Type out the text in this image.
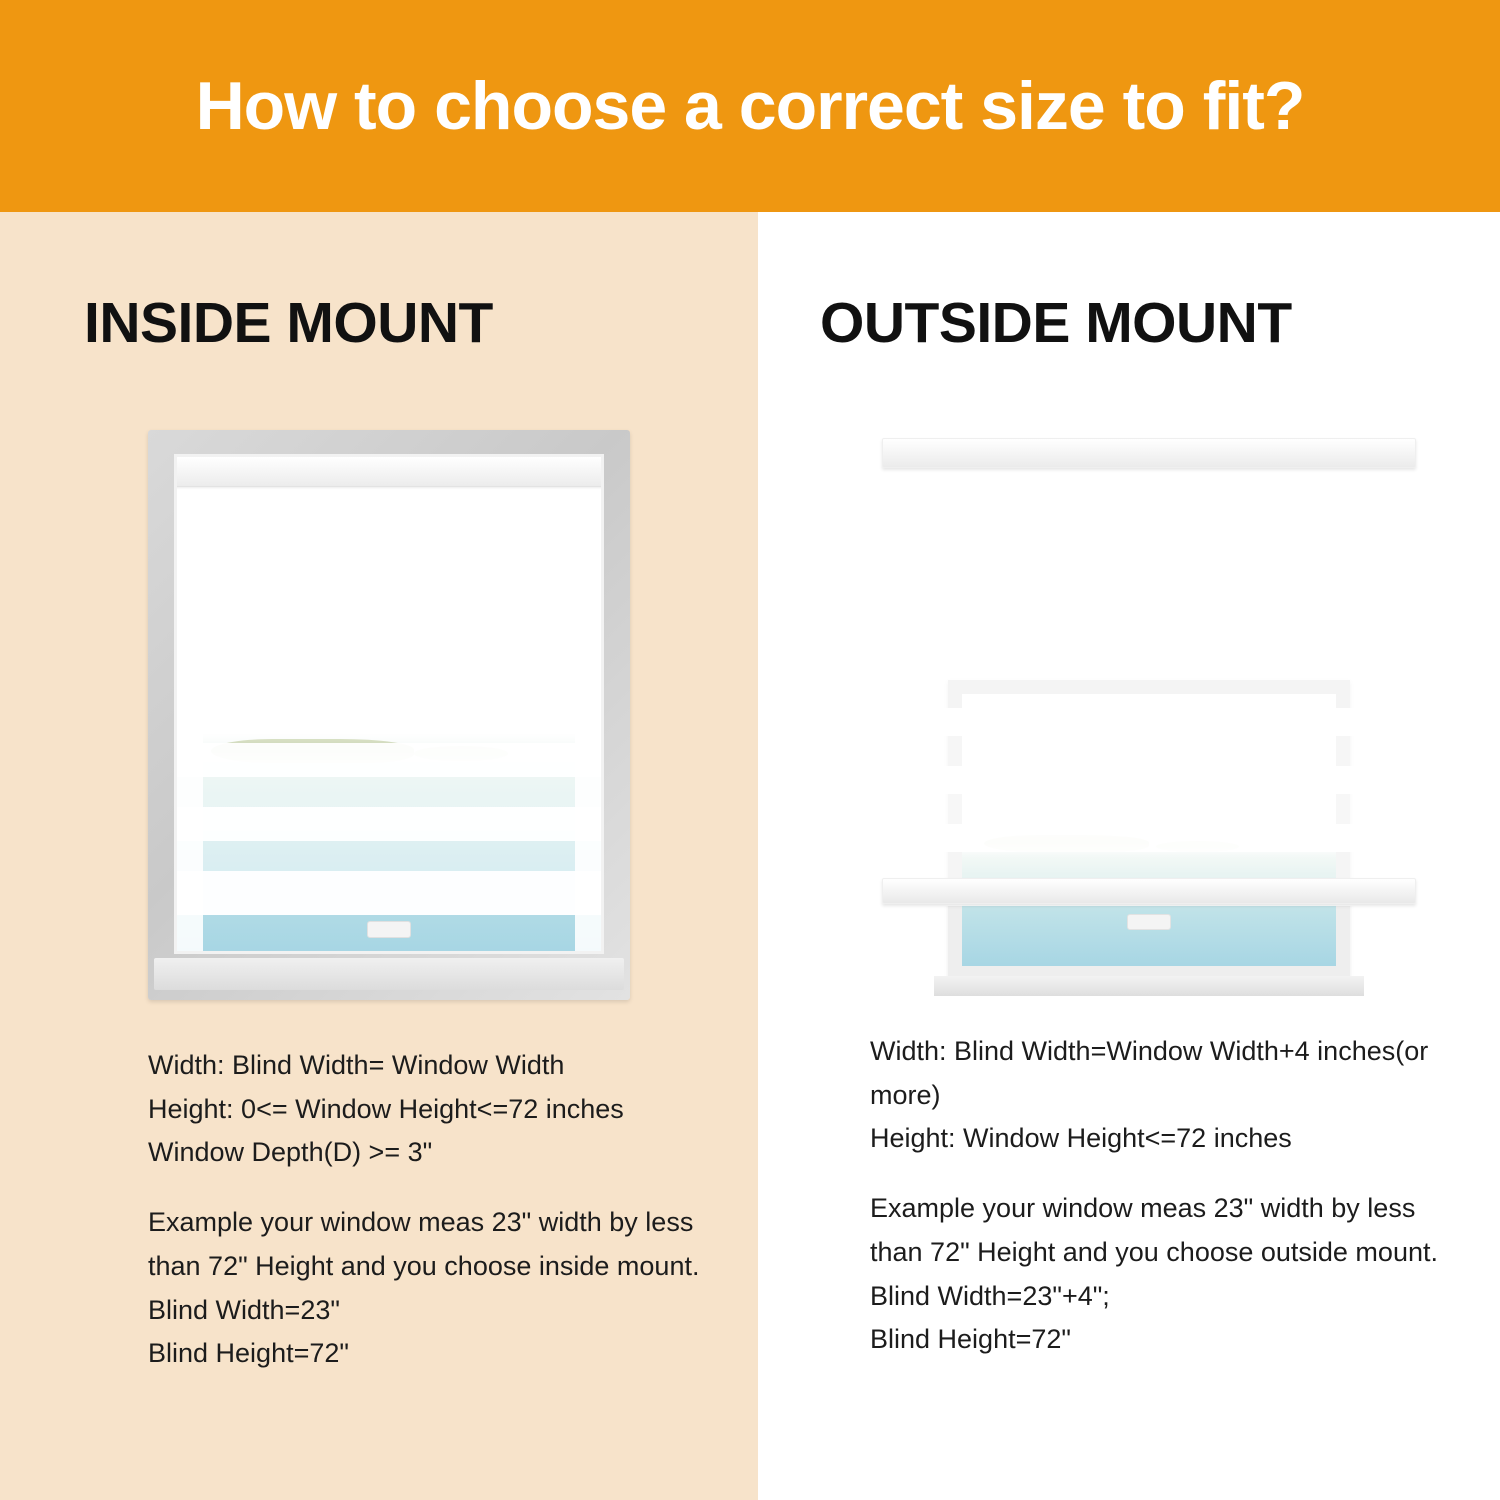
How to choose a correct size to fit?
INSIDE MOUNT

Width: Blind Width= Window Width

Height: 0<= Window Height<=72 inches

Window Depth(D) >= 3"

Example your window meas 23" width by less than 72" Height and you choose inside mount.

Blind Width=23"

Blind Height=72"

OUTSIDE MOUNT

Width: Blind Width=Window Width+4 inches(or more)

Height: Window Height<=72 inches

Example your window meas 23" width by less than 72" Height and you choose outside mount.

Blind Width=23"+4";

Blind Height=72"
